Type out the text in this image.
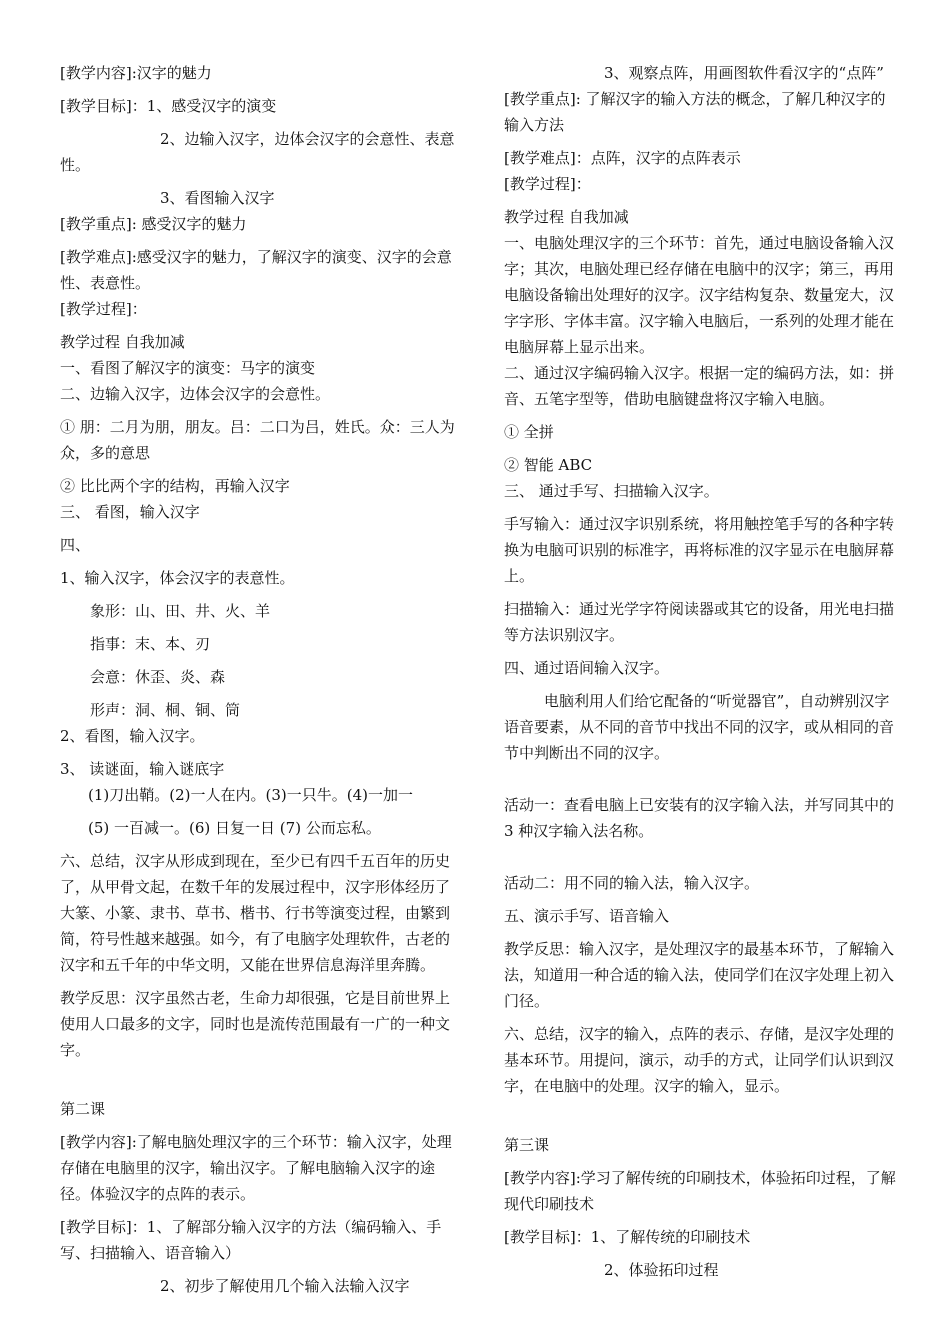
[教学内容]:汉字的魅力

[教学目标]：1、感受汉字的演变

2、边输入汉字，边体会汉字的会意性、表意性。

3、看图输入汉字

[教学重点]: 感受汉字的魅力

[教学难点]:感受汉字的魅力，了解汉字的演变、汉字的会意性、表意性。

[教学过程]：

教学过程 自我加减

一、看图了解汉字的演变：马字的演变

二、边输入汉字，边体会汉字的会意性。

① 朋：二月为朋，朋友。吕：二口为吕，姓氏。众：三人为众，多的意思

② 比比两个字的结构，再输入汉字

三、 看图，输入汉字

四、

1、输入汉字，体会汉字的表意性。

象形：山、田、井、火、羊

指事：末、本、刃

会意：休歪、炎、森

形声：洞、桐、铜、筒

2、看图，输入汉字。

3、 读谜面，输入谜底字

(1)刀出鞘。(2)一人在内。(3)一只牛。(4)一加一

(5) 一百减一。(6) 日复一日 (7) 公而忘私。

六、总结，汉字从形成到现在，至少已有四千五百年的历史了，从甲骨文起，在数千年的发展过程中，汉字形体经历了大篆、小篆、隶书、草书、楷书、行书等演变过程，由繁到简，符号性越来越强。如今，有了电脑字处理软件，古老的汉字和五千年的中华文明，又能在世界信息海洋里奔腾。

教学反思：汉字虽然古老，生命力却很强，它是目前世界上使用人口最多的文字，同时也是流传范围最有一广的一种文字。

第二课

[教学内容]:了解电脑处理汉字的三个环节：输入汉字，处理存储在电脑里的汉字，输出汉字。了解电脑输入汉字的途径。体验汉字的点阵的表示。

[教学目标]：1、了解部分输入汉字的方法（编码输入、手写、扫描输入、语音输入）

2、初步了解使用几个输入法输入汉字

3、观察点阵，用画图软件看汉字的“点阵”

[教学重点]: 了解汉字的输入方法的概念，了解几种汉字的输入方法

[教学难点]：点阵，汉字的点阵表示

[教学过程]：

教学过程 自我加减

一、电脑处理汉字的三个环节：首先，通过电脑设备输入汉字；其次，电脑处理已经存储在电脑中的汉字；第三，再用电脑设备输出处理好的汉字。汉字结构复杂、数量宠大，汉字字形、字体丰富。汉字输入电脑后，一系列的处理才能在电脑屏幕上显示出来。

二、通过汉字编码输入汉字。根据一定的编码方法，如：拼音、五笔字型等，借助电脑键盘将汉字输入电脑。

① 全拼

② 智能 ABC

三、 通过手写、扫描输入汉字。

手写输入：通过汉字识别系统，将用触控笔手写的各种字转换为电脑可识别的标准字，再将标准的汉字显示在电脑屏幕上。

扫描输入：通过光学字符阅读器或其它的设备，用光电扫描等方法识别汉字。

四、通过语间输入汉字。

电脑利用人们给它配备的“听觉器官”，自动辨别汉字语音要素，从不同的音节中找出不同的汉字，或从相同的音节中判断出不同的汉字。

活动一：查看电脑上已安装有的汉字输入法，并写同其中的 3 种汉字输入法名称。

活动二：用不同的输入法，输入汉字。

五、演示手写、语音输入

教学反思：输入汉字，是处理汉字的最基本环节，了解输入法，知道用一种合适的输入法，使同学们在汉字处理上初入门径。

六、总结，汉字的输入，点阵的表示、存储，是汉字处理的基本环节。用提问，演示，动手的方式，让同学们认识到汉字，在电脑中的处理。汉字的输入，显示。

第三课

[教学内容]:学习了解传统的印刷技术，体验拓印过程，了解现代印刷技术

[教学目标]：1、了解传统的印刷技术

2、体验拓印过程
